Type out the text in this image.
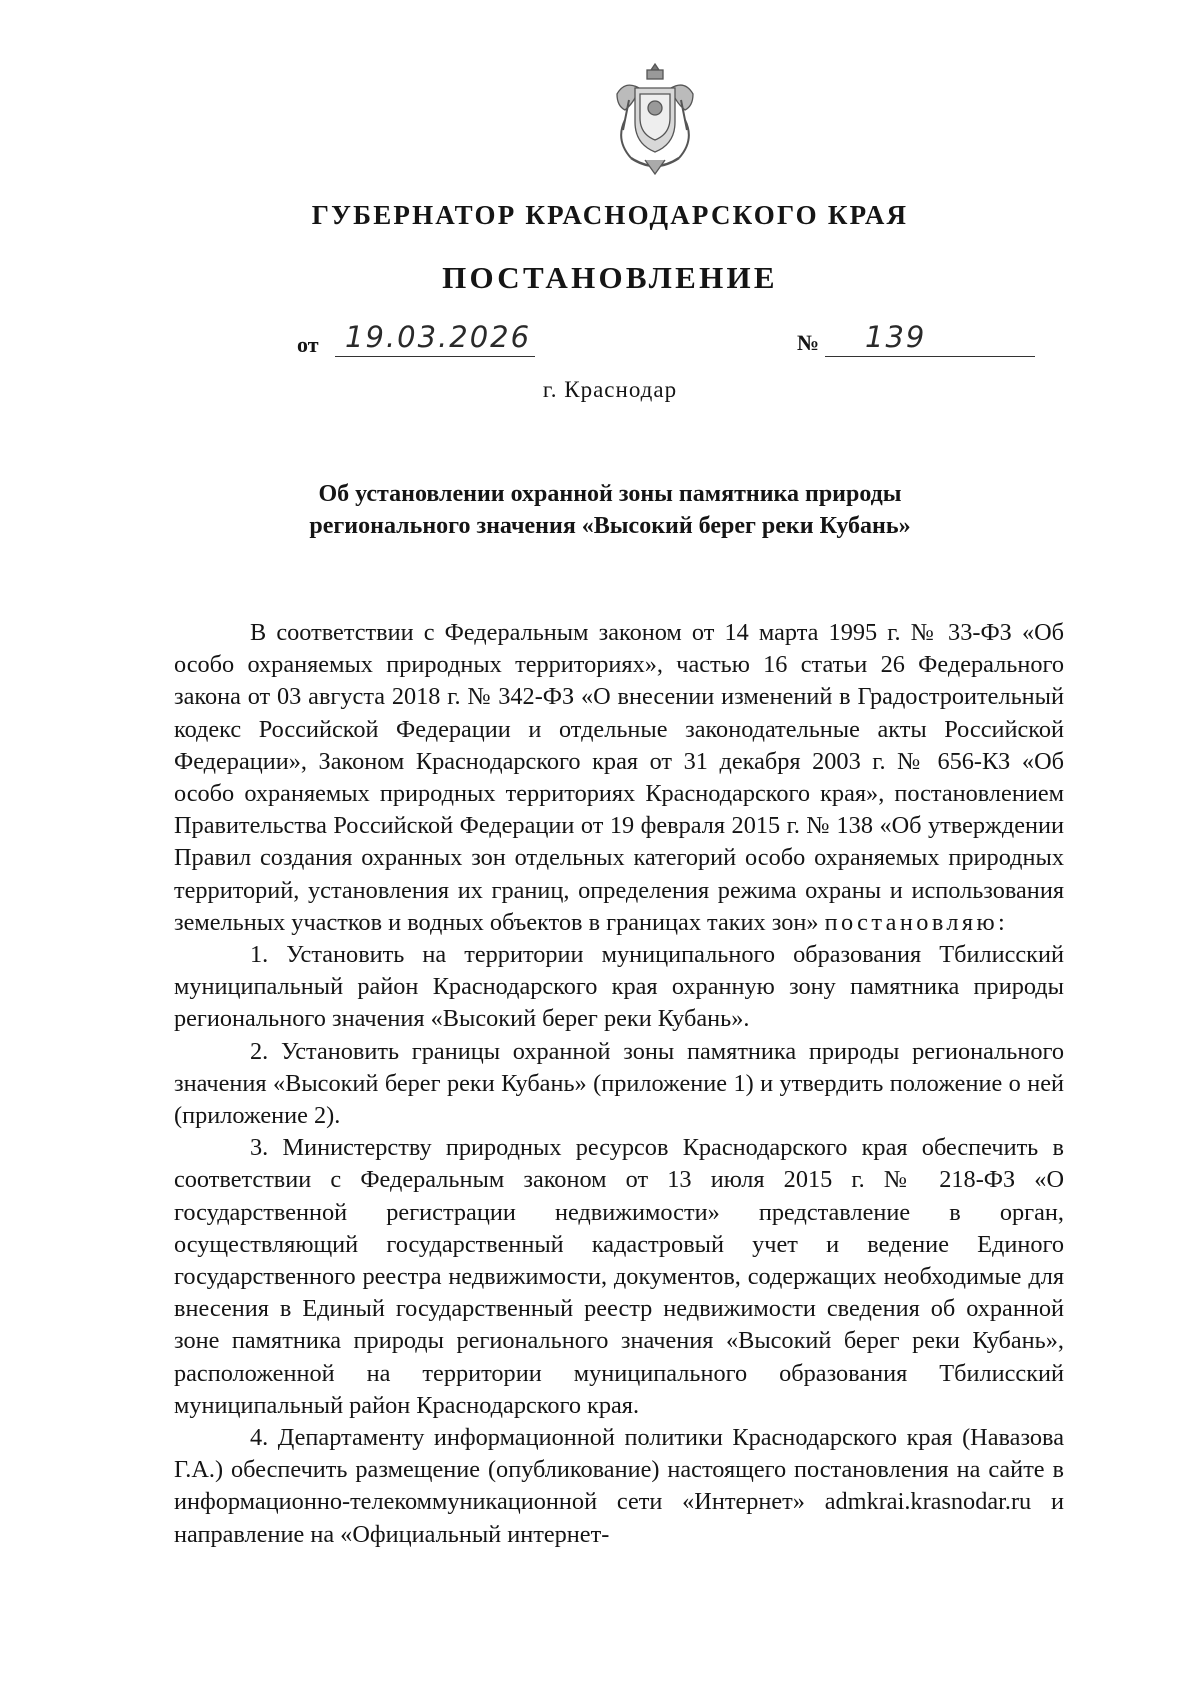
ГУБЕРНАТОР КРАСНОДАРСКОГО КРАЯ
ПОСТАНОВЛЕНИЕ
от 19.03.2026	№ 139
г. Краснодар
Об установлении охранной зоны памятника природы
регионального значения «Высокий берег реки Кубань»

В соответствии с Федеральным законом от 14 марта 1995 г. № 33-ФЗ «Об особо охраняемых природных территориях», частью 16 статьи 26 Федерального закона от 03 августа 2018 г. № 342-ФЗ «О внесении изменений в Градостроительный кодекс Российской Федерации и отдельные законодательные акты Российской Федерации», Законом Краснодарского края от 31 декабря 2003 г. № 656-КЗ «Об особо охраняемых природных территориях Краснодарского края», постановлением Правительства Российской Федерации от 19 февраля 2015 г. № 138 «Об утверждении Правил создания охранных зон отдельных категорий особо охраняемых природных территорий, установления их границ, определения режима охраны и использования земельных участков и водных объектов в границах таких зон» постановляю:

1. Установить на территории муниципального образования Тбилисский муниципальный район Краснодарского края охранную зону памятника природы регионального значения «Высокий берег реки Кубань».

2. Установить границы охранной зоны памятника природы регионального значения «Высокий берег реки Кубань» (приложение 1) и утвердить положение о ней (приложение 2).

3. Министерству природных ресурсов Краснодарского края обеспечить в соответствии с Федеральным законом от 13 июля 2015 г. № 218-ФЗ «О государственной регистрации недвижимости» представление в орган, осуществляющий государственный кадастровый учет и ведение Единого государственного реестра недвижимости, документов, содержащих необходимые для внесения в Единый государственный реестр недвижимости сведения об охранной зоне памятника природы регионального значения «Высокий берег реки Кубань», расположенной на территории муниципального образования Тбилисский муниципальный район Краснодарского края.

4. Департаменту информационной политики Краснодарского края (Навазова Г.А.) обеспечить размещение (опубликование) настоящего постановления на сайте в информационно-телекоммуникационной сети «Интернет» admkrai.krasnodar.ru и направление на «Официальный интернет-
